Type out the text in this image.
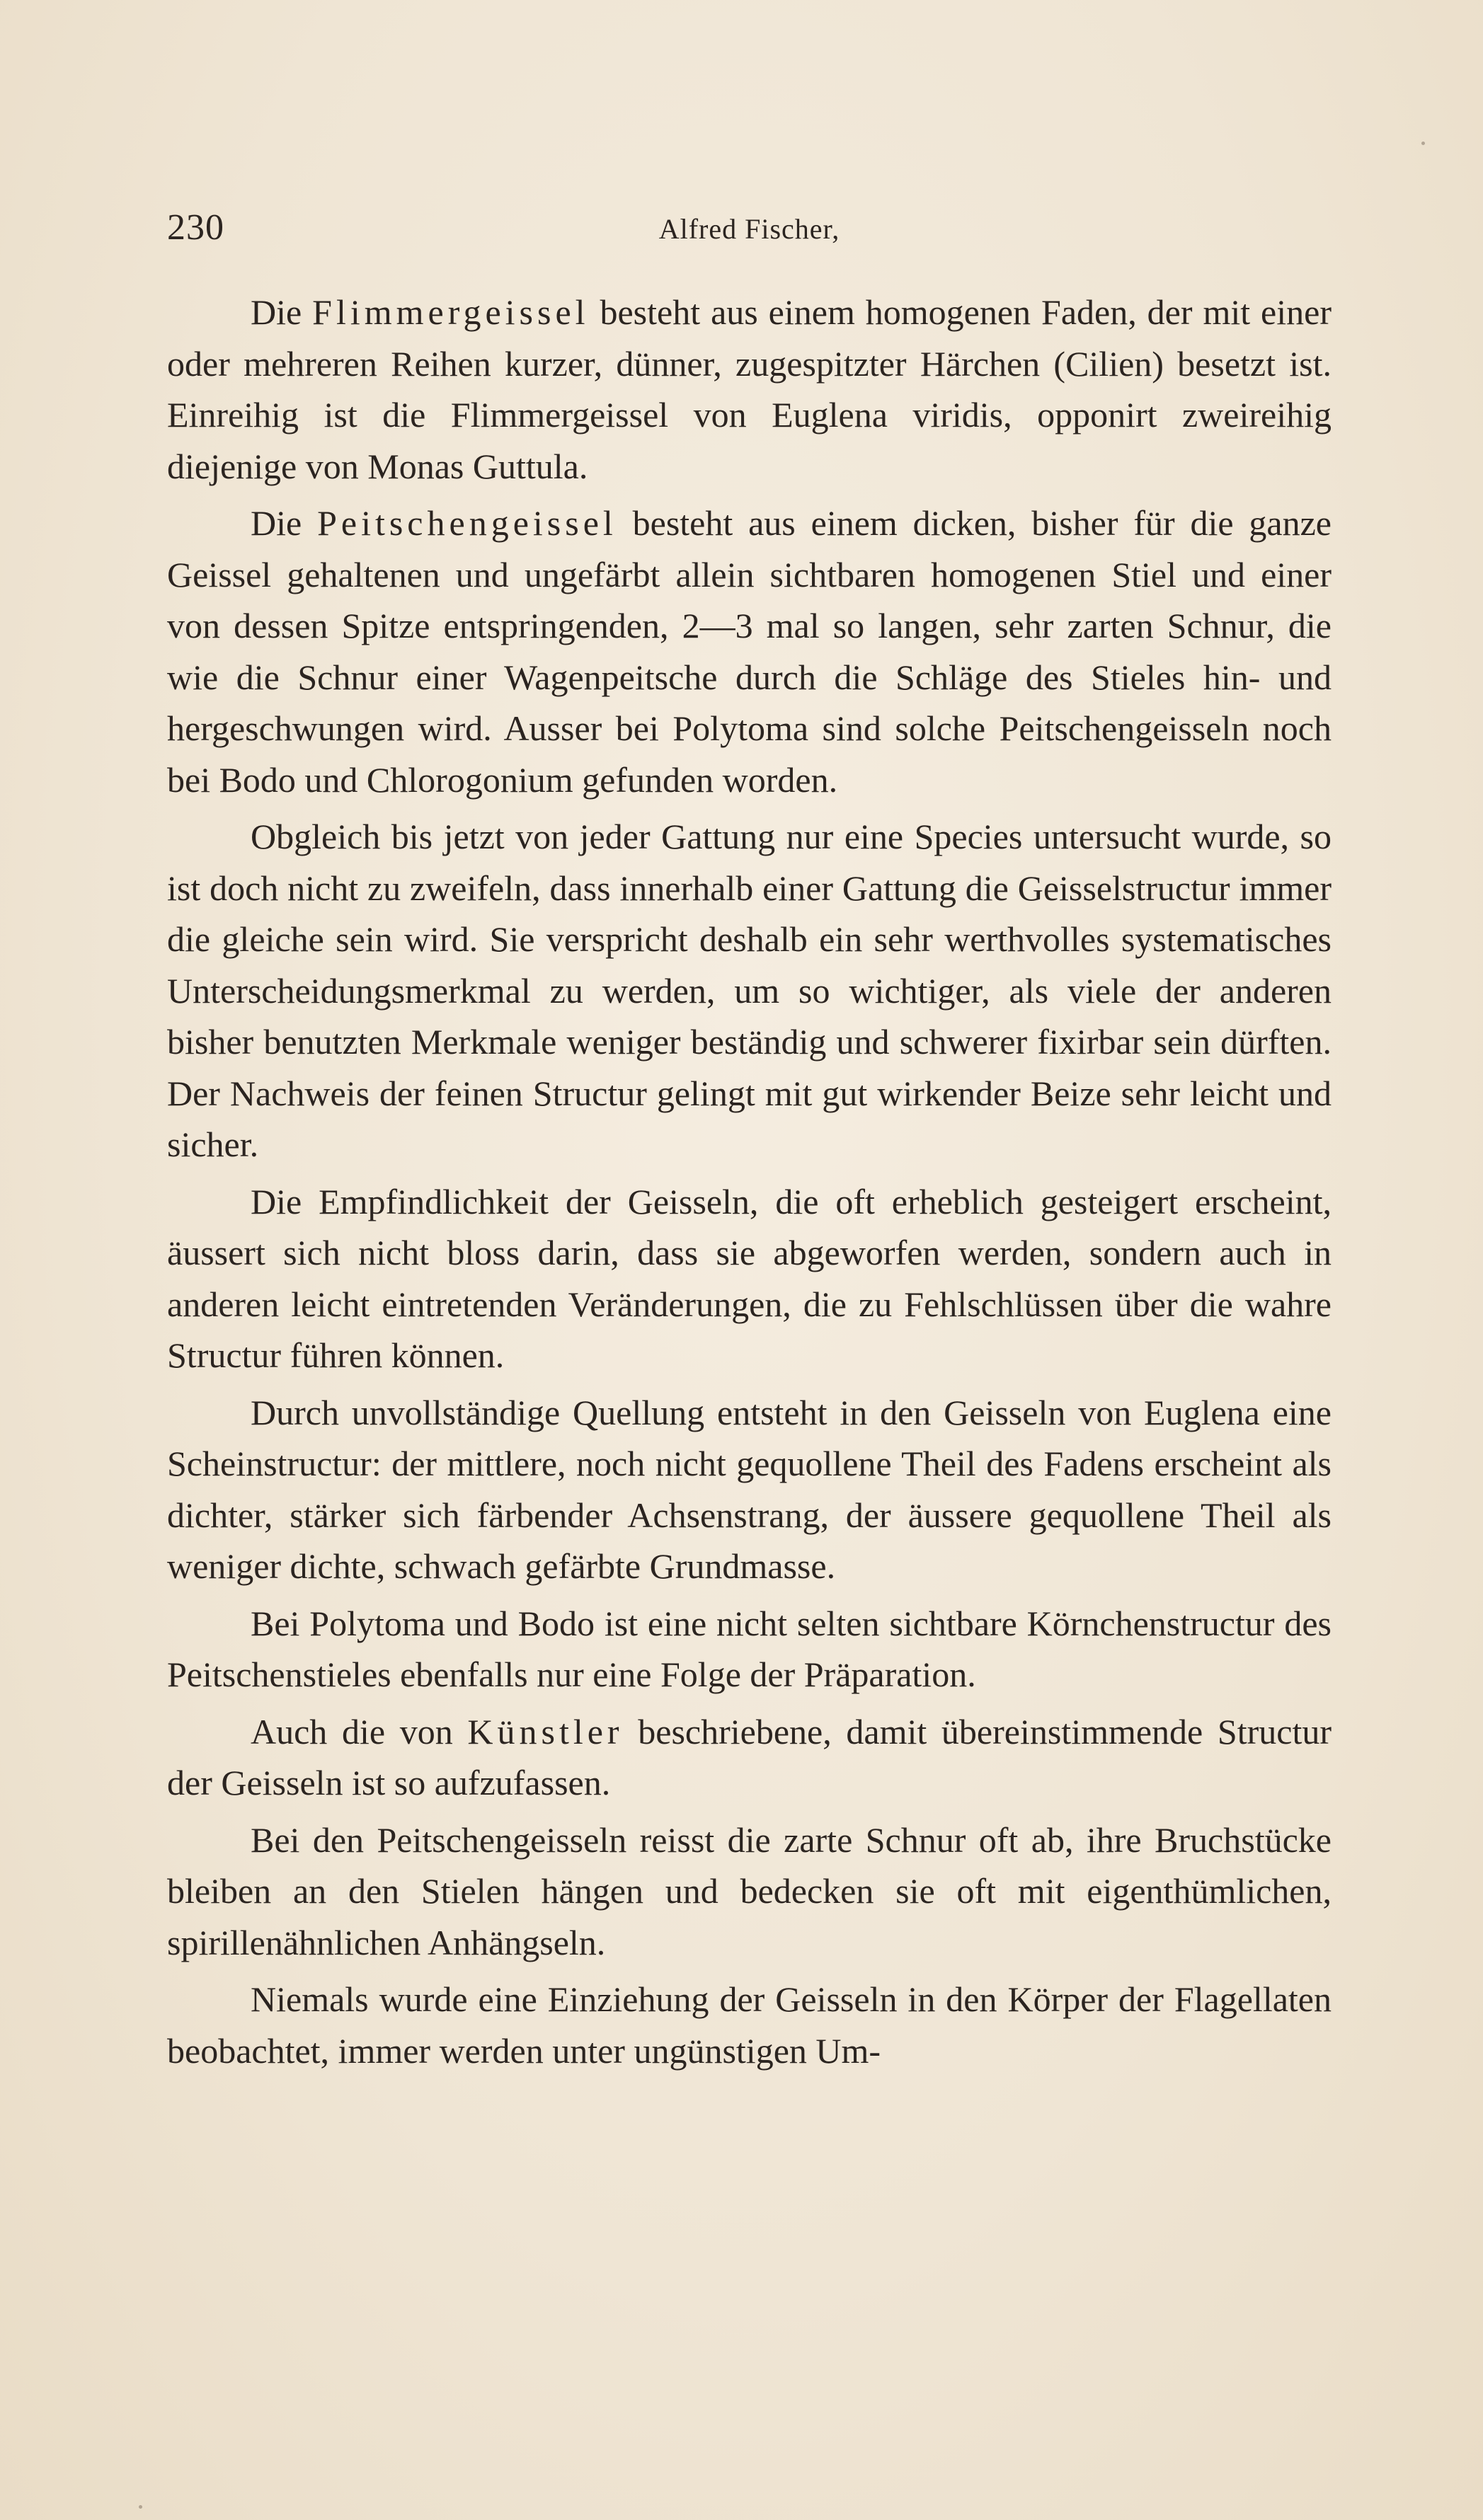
230	Alfred Fischer,

Die Flimmergeissel besteht aus einem homogenen Faden, der mit einer oder mehreren Reihen kurzer, dünner, zugespitzter Härchen (Cilien) besetzt ist. Einreihig ist die Flimmergeissel von Euglena viridis, opponirt zweireihig diejenige von Monas Guttula.

Die Peitschengeissel besteht aus einem dicken, bisher für die ganze Geissel gehaltenen und ungefärbt allein sichtbaren homogenen Stiel und einer von dessen Spitze entspringenden, 2—3 mal so langen, sehr zarten Schnur, die wie die Schnur einer Wagenpeitsche durch die Schläge des Stieles hin- und hergeschwungen wird. Ausser bei Polytoma sind solche Peitschengeisseln noch bei Bodo und Chlorogonium gefunden worden.

Obgleich bis jetzt von jeder Gattung nur eine Species untersucht wurde, so ist doch nicht zu zweifeln, dass innerhalb einer Gattung die Geisselstructur immer die gleiche sein wird. Sie verspricht deshalb ein sehr werthvolles systematisches Unterscheidungsmerkmal zu werden, um so wichtiger, als viele der anderen bisher benutzten Merkmale weniger beständig und schwerer fixirbar sein dürften. Der Nachweis der feinen Structur gelingt mit gut wirkender Beize sehr leicht und sicher.

Die Empfindlichkeit der Geisseln, die oft erheblich gesteigert erscheint, äussert sich nicht bloss darin, dass sie abgeworfen werden, sondern auch in anderen leicht eintretenden Veränderungen, die zu Fehlschlüssen über die wahre Structur führen können.

Durch unvollständige Quellung entsteht in den Geisseln von Euglena eine Scheinstructur: der mittlere, noch nicht gequollene Theil des Fadens erscheint als dichter, stärker sich färbender Achsenstrang, der äussere gequollene Theil als weniger dichte, schwach gefärbte Grundmasse.

Bei Polytoma und Bodo ist eine nicht selten sichtbare Körnchenstructur des Peitschenstieles ebenfalls nur eine Folge der Präparation.

Auch die von Künstler beschriebene, damit übereinstimmende Structur der Geisseln ist so aufzufassen.

Bei den Peitschengeisseln reisst die zarte Schnur oft ab, ihre Bruchstücke bleiben an den Stielen hängen und bedecken sie oft mit eigenthümlichen, spirillenähnlichen Anhängseln.

Niemals wurde eine Einziehung der Geisseln in den Körper der Flagellaten beobachtet, immer werden unter ungünstigen Um-
